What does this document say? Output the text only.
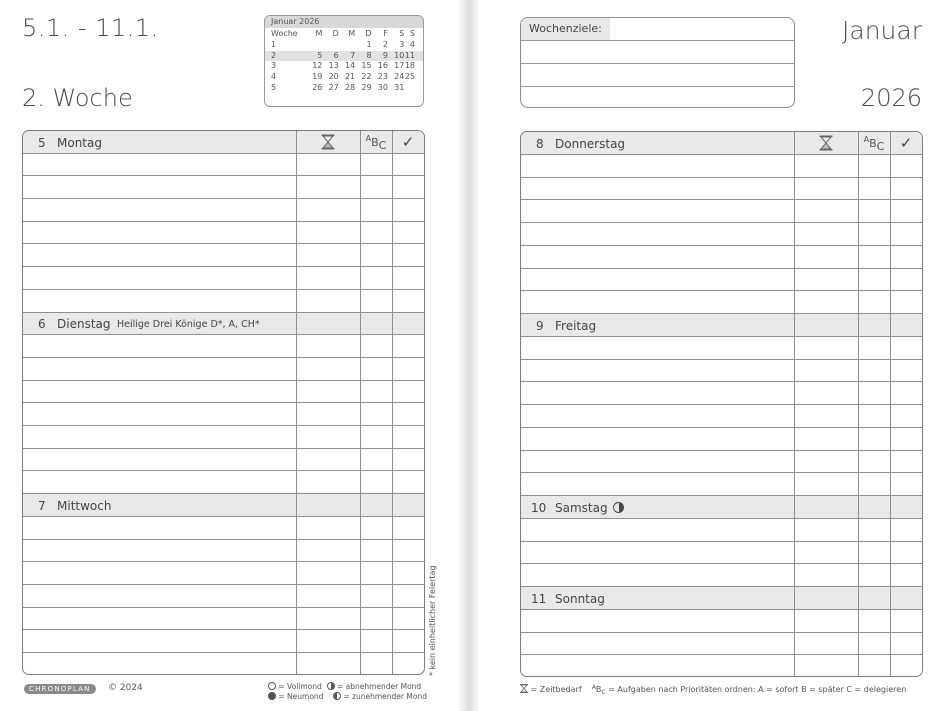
5.1. - 11.1.
2. Woche
Januar 2026
Woche	M	D	M	D	F	S	S
1				1	2	3	4
2	5	6	7	8	9	10	11
3	12	13	14	15	16	17	18
4	19	20	21	22	23	24	25
5	26	27	28	29	30	31	
7 Mittwoch
6 Dienstag Heilige Drei Könige D*, A, CH*
5 Montag	A B C ✓
* kein einheitlicher Feiertag
CHRONOPLAN	© 2024	= Vollmond = abnehmender Mond
= Neumond	= zunehmender Mond
Januar
2026
Wochenziele:
11 Sonntag
10 Samstag
9 Freitag
8 Donnerstag	A B C ✓
= Zeitbedarf $^AB_C$ = Aufgaben nach Prioritäten ordnen: A = sofort B = später C = delegieren
